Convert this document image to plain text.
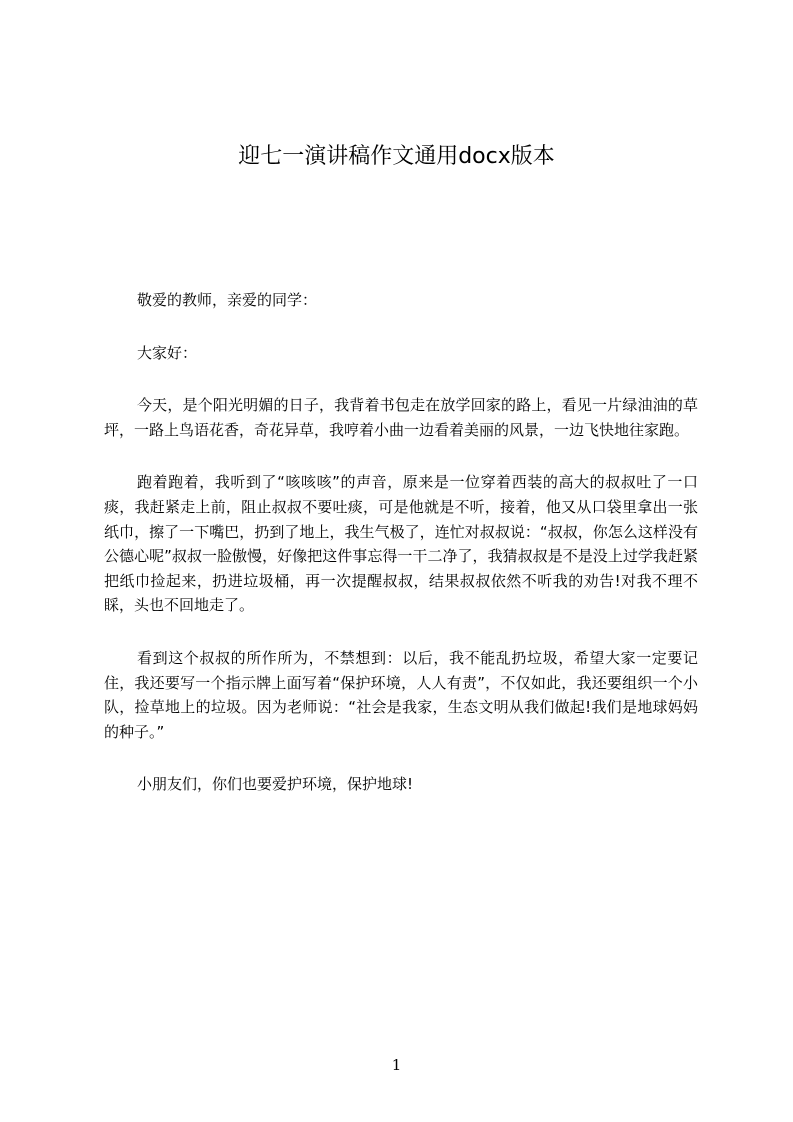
迎七一演讲稿作文通用docx版本

敬爱的教师，亲爱的同学：

大家好：

今天，是个阳光明媚的日子，我背着书包走在放学回家的路上，看见一片绿油油的草坪，一路上鸟语花香，奇花异草，我哼着小曲一边看着美丽的风景，一边飞快地往家跑。

跑着跑着，我听到了“咳咳咳”的声音，原来是一位穿着西装的高大的叔叔吐了一口痰，我赶紧走上前，阻止叔叔不要吐痰，可是他就是不听，接着，他又从口袋里拿出一张纸巾，擦了一下嘴巴，扔到了地上，我生气极了，连忙对叔叔说：“叔叔，你怎么这样没有公德心呢”叔叔一脸傲慢，好像把这件事忘得一干二净了，我猜叔叔是不是没上过学我赶紧把纸巾捡起来，扔进垃圾桶，再一次提醒叔叔，结果叔叔依然不听我的劝告!对我不理不睬，头也不回地走了。

看到这个叔叔的所作所为，不禁想到：以后，我不能乱扔垃圾，希望大家一定要记住，我还要写一个指示牌上面写着“保护环境，人人有责”，不仅如此，我还要组织一个小队，捡草地上的垃圾。因为老师说：“社会是我家，生态文明从我们做起!我们是地球妈妈的种子。”

小朋友们，你们也要爱护环境，保护地球!

1
